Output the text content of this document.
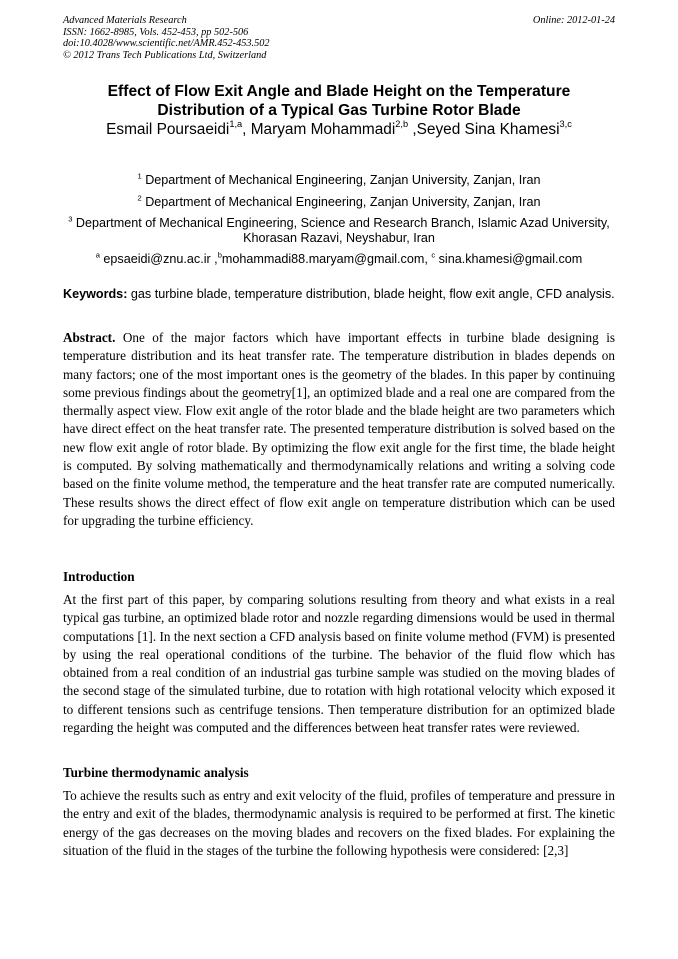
Advanced Materials Research
ISSN: 1662-8985, Vols. 452-453, pp 502-506
doi:10.4028/www.scientific.net/AMR.452-453.502
© 2012 Trans Tech Publications Ltd, Switzerland
Online: 2012-01-24
Effect of Flow Exit Angle and Blade Height on the Temperature
Distribution of a Typical Gas Turbine Rotor Blade
Esmail Poursaeidi$^{1,a}$, Maryam Mohammadi$^{2,b}$ ,Seyed Sina Khamesi$^{3,c}$
$^1$ Department of Mechanical Engineering, Zanjan University, Zanjan, Iran
$^2$ Department of Mechanical Engineering, Zanjan University, Zanjan, Iran
$^3$ Department of Mechanical Engineering, Science and Research Branch, Islamic Azad University,
Khorasan Razavi, Neyshabur, Iran
$^a$ epsaeidi@znu.ac.ir ,$^b$mohammadi88.maryam@gmail.com, $^c$ sina.khamesi@gmail.com
Keywords: gas turbine blade, temperature distribution, blade height, flow exit angle, CFD analysis.
Abstract. One of the major factors which have important effects in turbine blade designing is temperature distribution and its heat transfer rate. The temperature distribution in blades depends on many factors; one of the most important ones is the geometry of the blades. In this paper by continuing some previous findings about the geometry[1], an optimized blade and a real one are compared from the thermally aspect view. Flow exit angle of the rotor blade and the blade height are two parameters which have direct effect on the heat transfer rate. The presented temperature distribution is solved based on the new flow exit angle of rotor blade. By optimizing the flow exit angle for the first time, the blade height is computed. By solving mathematically and thermodynamically relations and writing a solving code based on the finite volume method, the temperature and the heat transfer rate are computed numerically. These results shows the direct effect of flow exit angle on temperature distribution which can be used for upgrading the turbine efficiency.
Introduction
At the first part of this paper, by comparing solutions resulting from theory and what exists in a real typical gas turbine, an optimized blade rotor and nozzle regarding dimensions would be used in thermal computations [1]. In the next section a CFD analysis based on finite volume method (FVM) is presented by using the real operational conditions of the turbine. The behavior of the fluid flow which has obtained from a real condition of an industrial gas turbine sample was studied on the moving blades of the second stage of the simulated turbine, due to rotation with high rotational velocity which exposed it to different tensions such as centrifuge tensions. Then temperature distribution for an optimized blade regarding the height was computed and the differences between heat transfer rates were reviewed.
Turbine thermodynamic analysis
To achieve the results such as entry and exit velocity of the fluid, profiles of temperature and pressure in the entry and exit of the blades, thermodynamic analysis is required to be performed at first. The kinetic energy of the gas decreases on the moving blades and recovers on the fixed blades. For explaining the situation of the fluid in the stages of the turbine the following hypothesis were considered: [2,3]
